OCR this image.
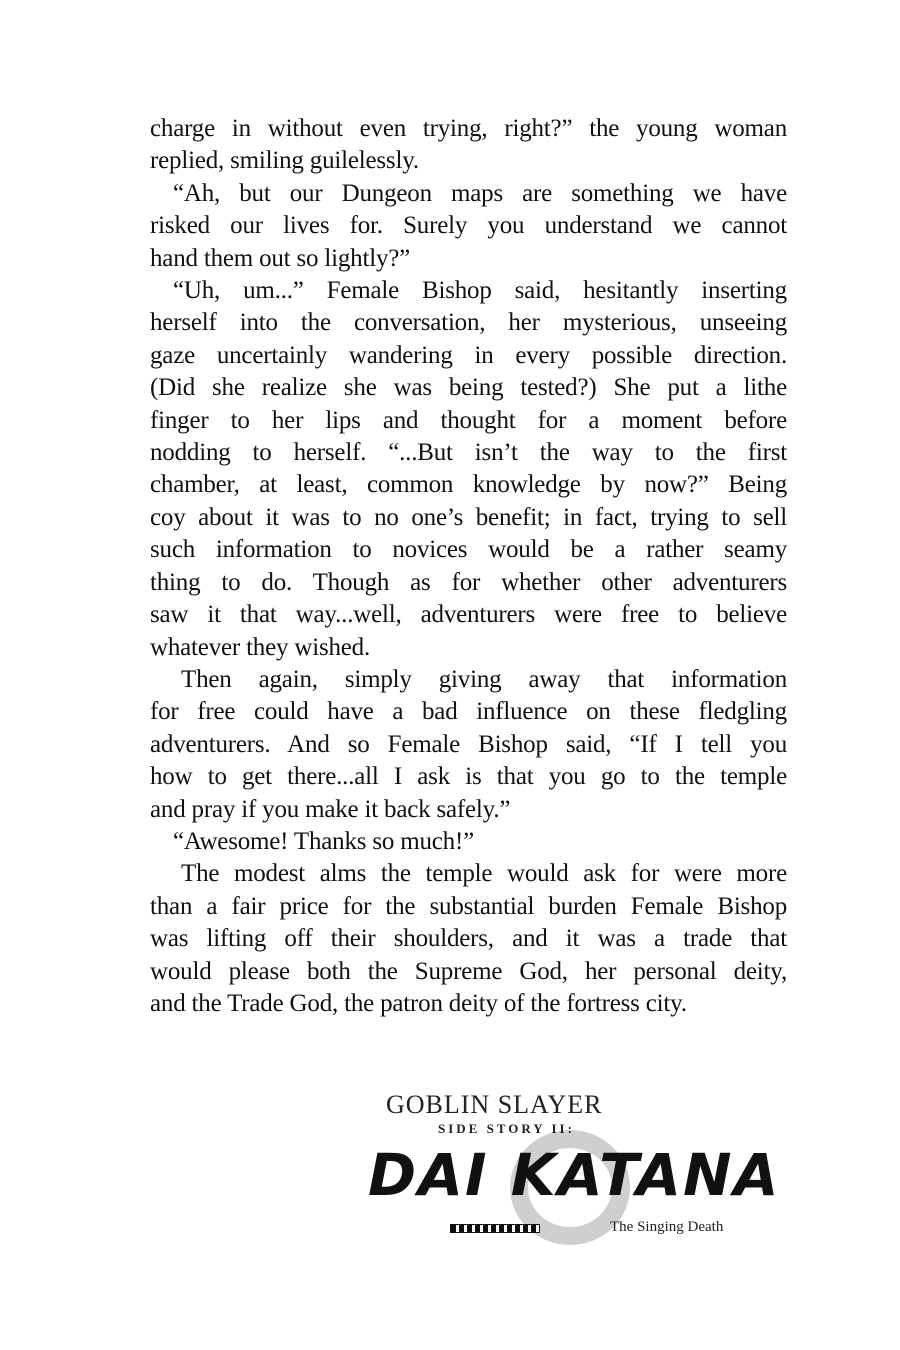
charge in without even trying, right?” the young woman
replied, smiling guilelessly.
“Ah, but our Dungeon maps are something we have
risked our lives for. Surely you understand we cannot
hand them out so lightly?”
“Uh, um...” Female Bishop said, hesitantly inserting
herself into the conversation, her mysterious, unseeing
gaze uncertainly wandering in every possible direction.
(Did she realize she was being tested?) She put a lithe
finger to her lips and thought for a moment before
nodding to herself. “...But isn’t the way to the first
chamber, at least, common knowledge by now?” Being
coy about it was to no one’s benefit; in fact, trying to sell
such information to novices would be a rather seamy
thing to do. Though as for whether other adventurers
saw it that way...well, adventurers were free to believe
whatever they wished.
Then again, simply giving away that information
for free could have a bad influence on these fledgling
adventurers. And so Female Bishop said, “If I tell you
how to get there...all I ask is that you go to the temple
and pray if you make it back safely.”
“Awesome! Thanks so much!”
The modest alms the temple would ask for were more
than a fair price for the substantial burden Female Bishop
was lifting off their shoulders, and it was a trade that
would please both the Supreme God, her personal deity,
and the Trade God, the patron deity of the fortress city.
GOBLIN SLAYER
SIDE STORY II:
DAI KATANA
The Singing Death
